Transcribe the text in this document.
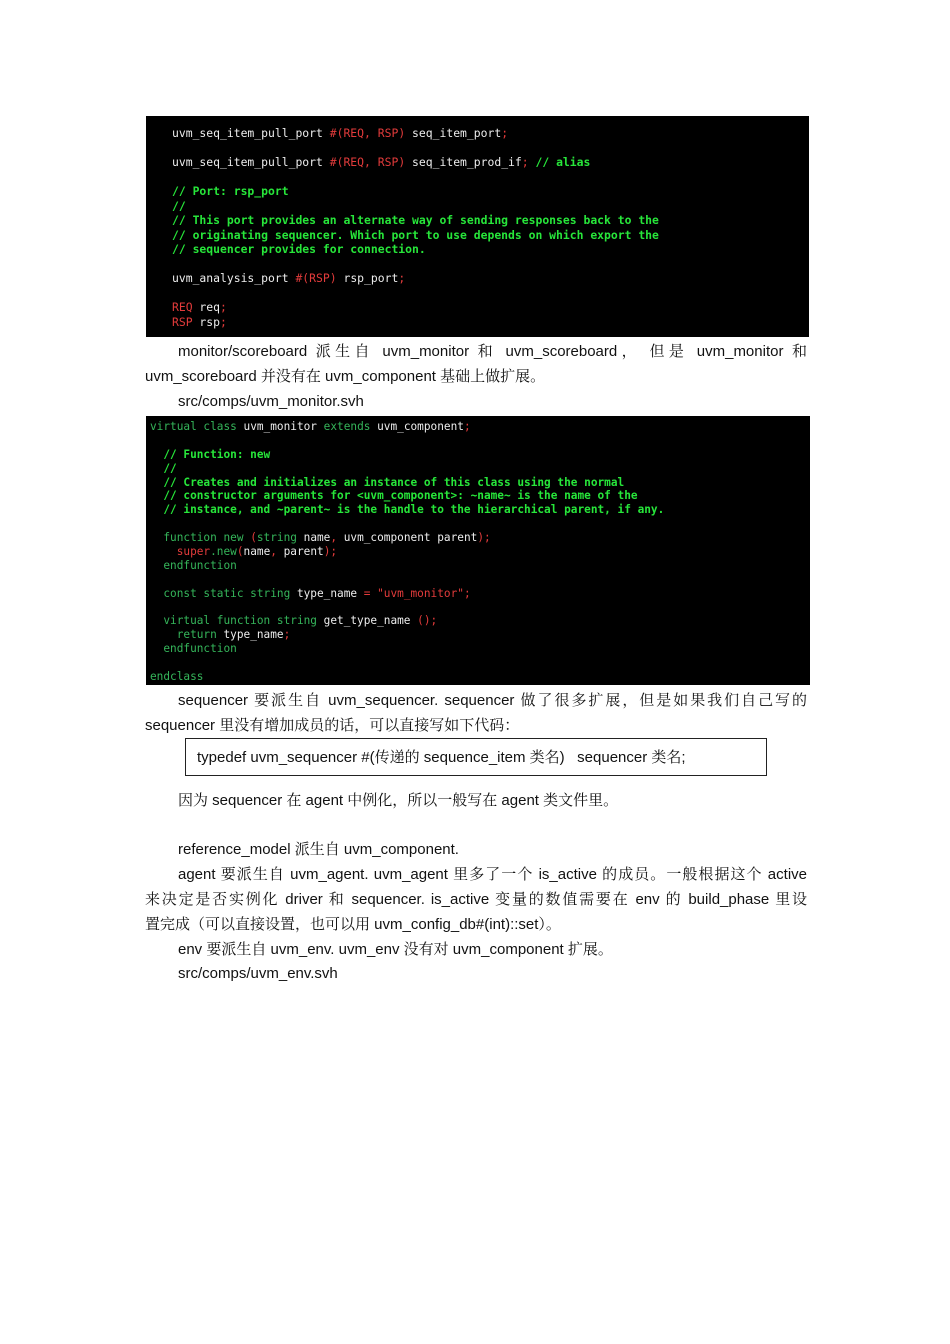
uvm_seq_item_pull_port #(REQ, RSP) seq_item_port;
uvm_seq_item_pull_port #(REQ, RSP) seq_item_prod_if; // alias
// Port: rsp_port
//
// This port provides an alternate way of sending responses back to the
// originating sequencer. Which port to use depends on which export the
// sequencer provides for connection.
uvm_analysis_port #(RSP) rsp_port;
REQ req;
RSP rsp;
monitor/scoreboard 派生自 uvm_monitor 和 uvm_scoreboard， 但是 uvm_monitor 和
uvm_scoreboard 并没有在 uvm_component 基础上做扩展。
src/comps/uvm_monitor.svh
virtual class uvm_monitor extends uvm_component;
// Function: new
//
// Creates and initializes an instance of this class using the normal
// constructor arguments for <uvm_component>: ~name~ is the name of the
// instance, and ~parent~ is the handle to the hierarchical parent, if any.
function new (string name, uvm_component parent);
super.new(name, parent);
endfunction
const static string type_name = "uvm_monitor";
virtual function string get_type_name ();
return type_name;
endfunction
endclass
sequencer 要派生自 uvm_sequencer. sequencer 做了很多扩展，但是如果我们自己写的
sequencer 里没有增加成员的话，可以直接写如下代码：
typedef uvm_sequencer #(传递的 sequence_item 类名)   sequencer 类名;
因为 sequencer 在 agent 中例化，所以一般写在 agent 类文件里。
reference_model 派生自 uvm_component.
agent 要派生自 uvm_agent. uvm_agent 里多了一个 is_active 的成员。一般根据这个 active
来决定是否实例化 driver 和 sequencer. is_active 变量的数值需要在 env 的 build_phase 里设
置完成（可以直接设置，也可以用 uvm_config_db#(int)::set）。
env 要派生自 uvm_env. uvm_env 没有对 uvm_component 扩展。
src/comps/uvm_env.svh
